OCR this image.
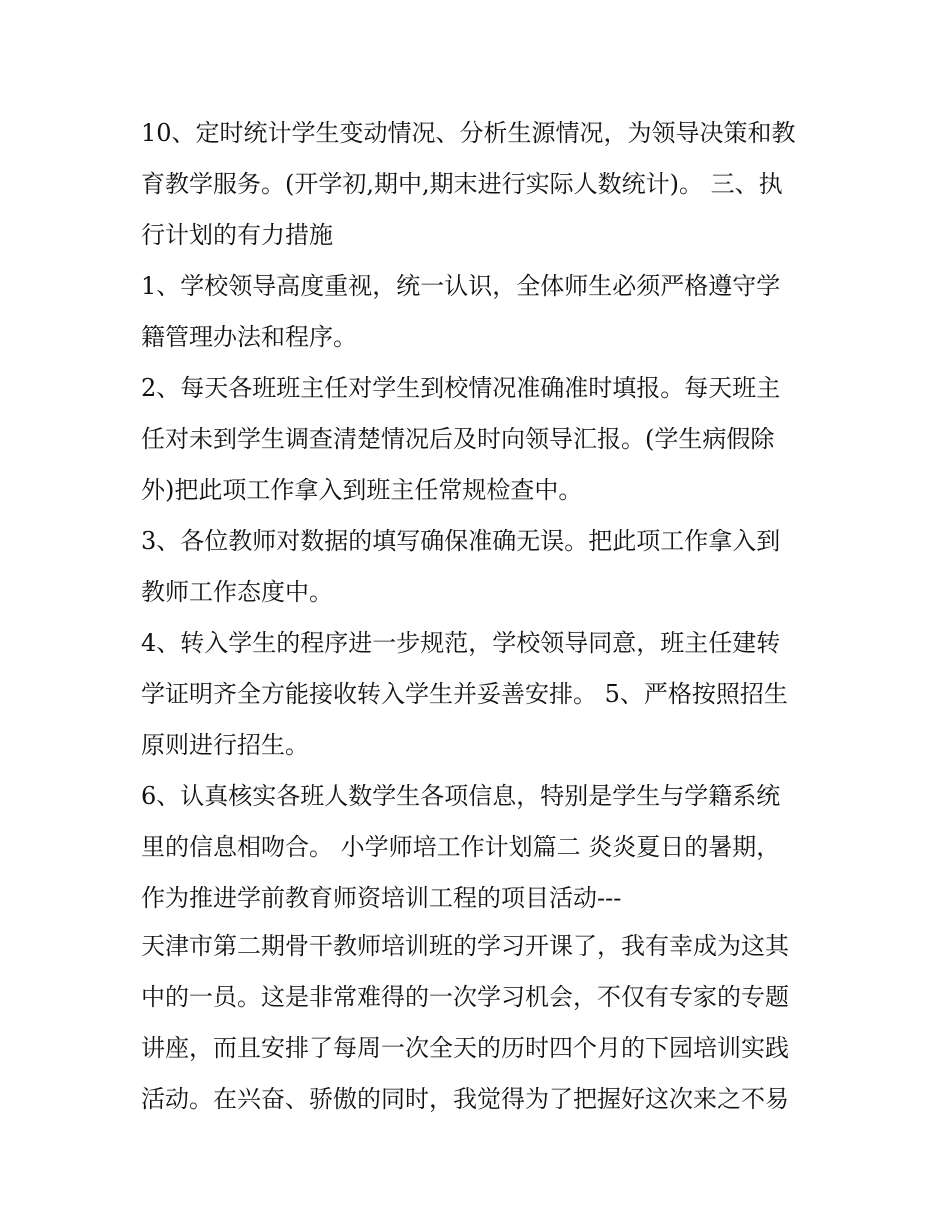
10、定时统计学生变动情况、分析生源情况，为领导决策和教
育教学服务。(开学初,期中,期末进行实际人数统计)。 三、执
行计划的有力措施
1、学校领导高度重视，统一认识，全体师生必须严格遵守学
籍管理办法和程序。
2、每天各班班主任对学生到校情况准确准时填报。每天班主
任对未到学生调查清楚情况后及时向领导汇报。(学生病假除
外)把此项工作拿入到班主任常规检查中。
3、各位教师对数据的填写确保准确无误。把此项工作拿入到
教师工作态度中。
4、转入学生的程序进一步规范，学校领导同意，班主任建转
学证明齐全方能接收转入学生并妥善安排。 5、严格按照招生
原则进行招生。
6、认真核实各班人数学生各项信息，特别是学生与学籍系统
里的信息相吻合。 小学师培工作计划篇二 炎炎夏日的暑期，
作为推进学前教育师资培训工程的项目活动---
天津市第二期骨干教师培训班的学习开课了，我有幸成为这其
中的一员。这是非常难得的一次学习机会，不仅有专家的专题
讲座，而且安排了每周一次全天的历时四个月的下园培训实践
活动。在兴奋、骄傲的同时，我觉得为了把握好这次来之不易
